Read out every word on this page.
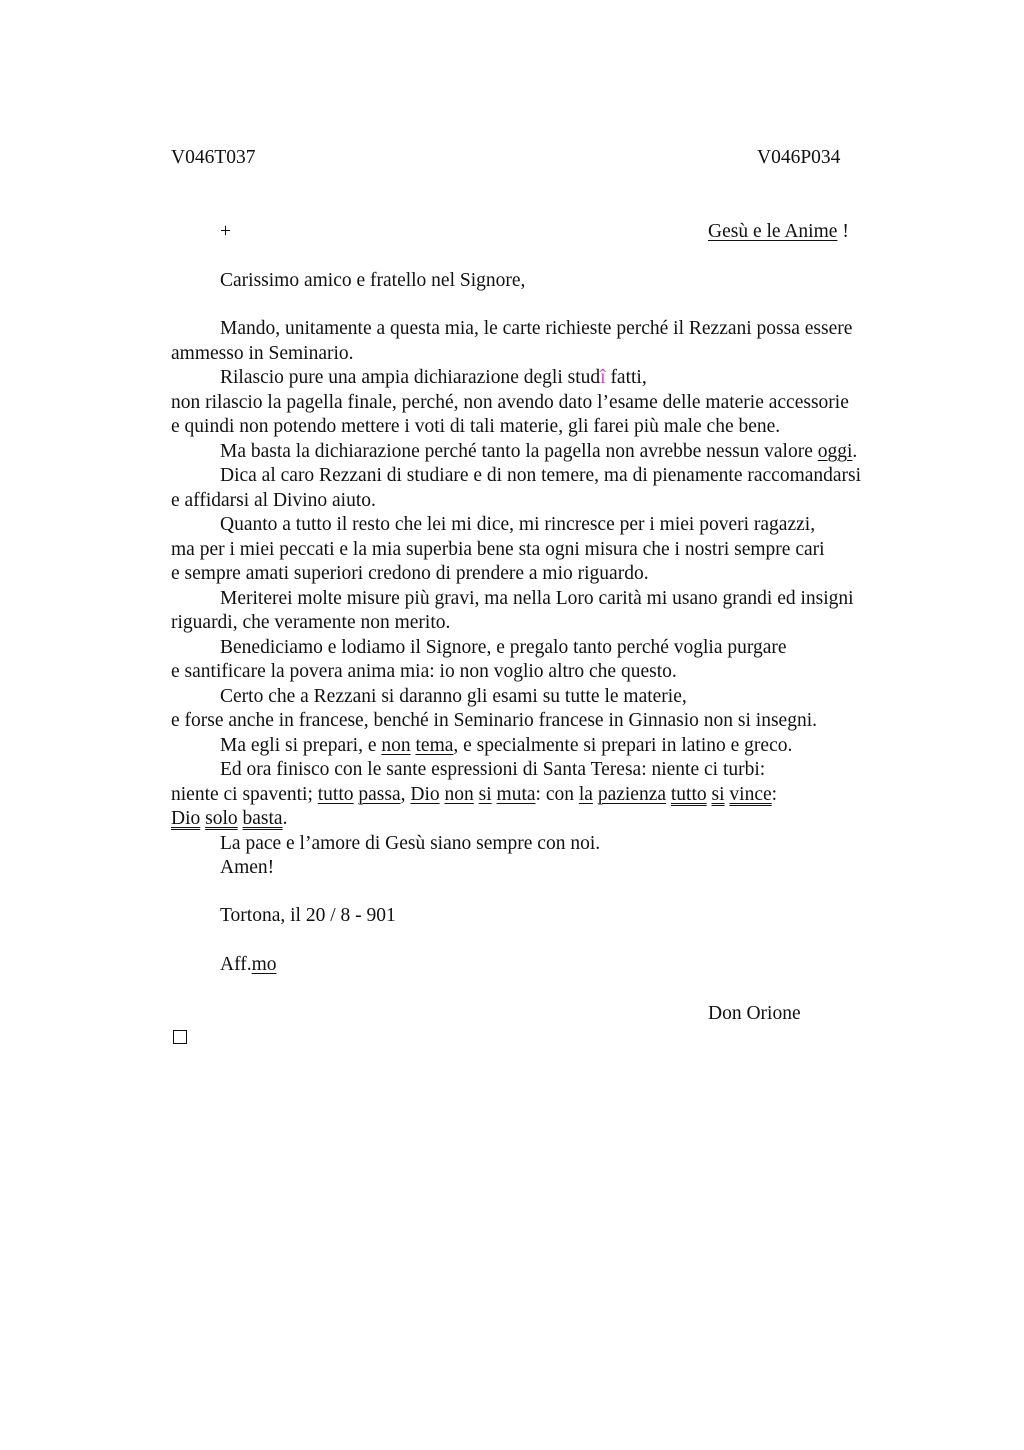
V046T037	V046P034
+	Gesù e le Anime !
Carissimo amico e fratello nel Signore,
Mando, unitamente a questa mia, le carte richieste perché il Rezzani possa essere
ammesso in Seminario.
Rilascio pure una ampia dichiarazione degli studî fatti,
non rilascio la pagella finale, perché, non avendo dato l’esame delle materie accessorie
e quindi non potendo mettere i voti di tali materie, gli farei più male che bene.
Ma basta la dichiarazione perché tanto la pagella non avrebbe nessun valore oggi.
Dica al caro Rezzani di studiare e di non temere, ma di pienamente raccomandarsi
e affidarsi al Divino aiuto.
Quanto a tutto il resto che lei mi dice, mi rincresce per i miei poveri ragazzi,
ma per i miei peccati e la mia superbia bene sta ogni misura che i nostri sempre cari
e sempre amati superiori credono di prendere a mio riguardo.
Meriterei molte misure più gravi, ma nella Loro carità mi usano grandi ed insigni
riguardi, che veramente non merito.
Benediciamo e lodiamo il Signore, e pregalo tanto perché voglia purgare
e santificare la povera anima mia: io non voglio altro che questo.
Certo che a Rezzani si daranno gli esami su tutte le materie,
e forse anche in francese, benché in Seminario francese in Ginnasio non si insegni.
Ma egli si prepari, e non tema, e specialmente si prepari in latino e greco.
Ed ora finisco con le sante espressioni di Santa Teresa: niente ci turbi:
niente ci spaventi; tutto passa, Dio non si muta: con la pazienza tutto si vince:
Dio solo basta.
La pace e l’amore di Gesù siano sempre con noi.
Amen!
Tortona, il 20 / 8 - 901
Aff.mo
Don Orione
